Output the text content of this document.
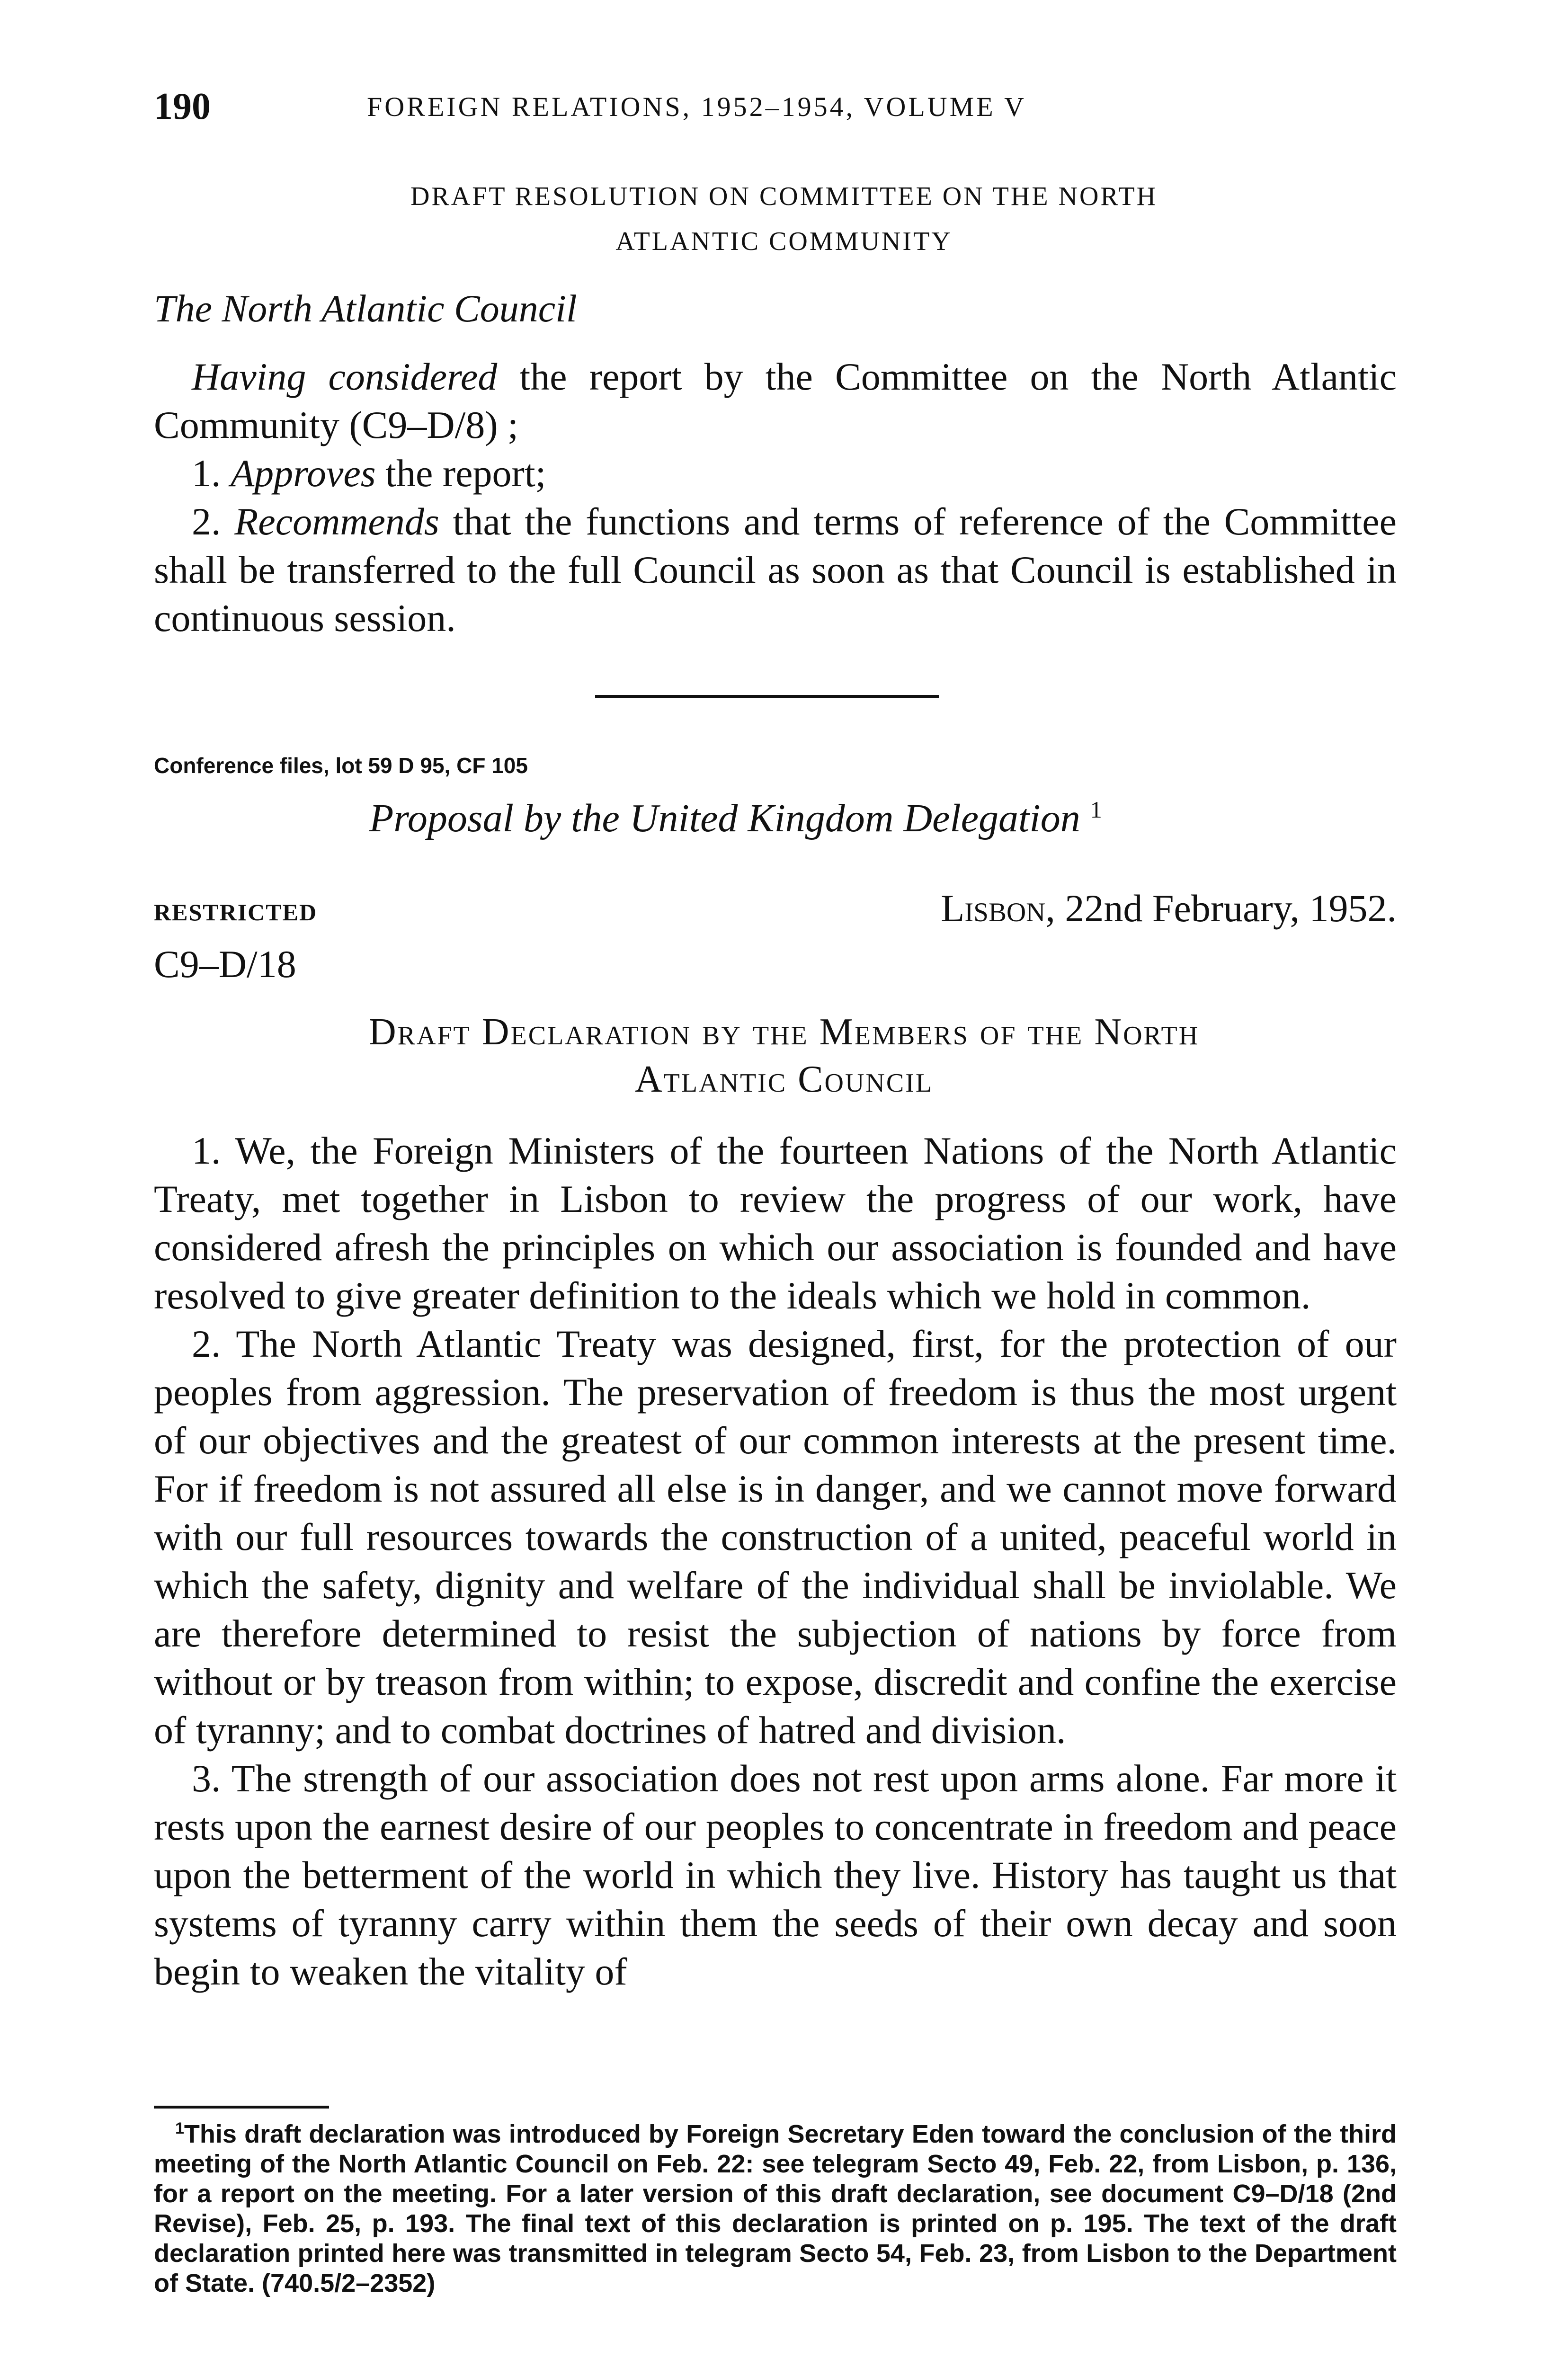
190	FOREIGN RELATIONS, 1952–1954, VOLUME V
DRAFT RESOLUTION ON COMMITTEE ON THE NORTH
ATLANTIC COMMUNITY
The North Atlantic Council

Having considered the report by the Committee on the North Atlantic Community (C9–D/8) ;

1. Approves the report;

2. Recommends that the functions and terms of reference of the Committee shall be transferred to the full Council as soon as that Council is established in continuous session.

Conference files, lot 59 D 95, CF 105
Proposal by the United Kingdom Delegation $^1$
RESTRICTED	Lisbon, 22nd February, 1952.
C9–D/18
Draft Declaration by the Members of the North
Atlantic Council

1. We, the Foreign Ministers of the fourteen Nations of the North Atlantic Treaty, met together in Lisbon to review the progress of our work, have considered afresh the principles on which our association is founded and have resolved to give greater definition to the ideals which we hold in common.

2. The North Atlantic Treaty was designed, first, for the protection of our peoples from aggression. The preservation of freedom is thus the most urgent of our objectives and the greatest of our common interests at the present time. For if freedom is not assured all else is in danger, and we cannot move forward with our full resources towards the construction of a united, peaceful world in which the safety, dignity and welfare of the individual shall be inviolable. We are therefore determined to resist the subjection of nations by force from without or by treason from within; to expose, discredit and confine the exercise of tyranny; and to combat doctrines of hatred and division.

3. The strength of our association does not rest upon arms alone. Far more it rests upon the earnest desire of our peoples to concentrate in freedom and peace upon the betterment of the world in which they live. History has taught us that systems of tyranny carry within them the seeds of their own decay and soon begin to weaken the vitality of

$^1$This draft declaration was introduced by Foreign Secretary Eden toward the conclusion of the third meeting of the North Atlantic Council on Feb. 22: see telegram Secto 49, Feb. 22, from Lisbon, p. 136, for a report on the meeting. For a later version of this draft declaration, see document C9–D/18 (2nd Revise), Feb. 25, p. 193. The final text of this declaration is printed on p. 195. The text of the draft declaration printed here was transmitted in telegram Secto 54, Feb. 23, from Lisbon to the Department of State. (740.5/2–2352)
